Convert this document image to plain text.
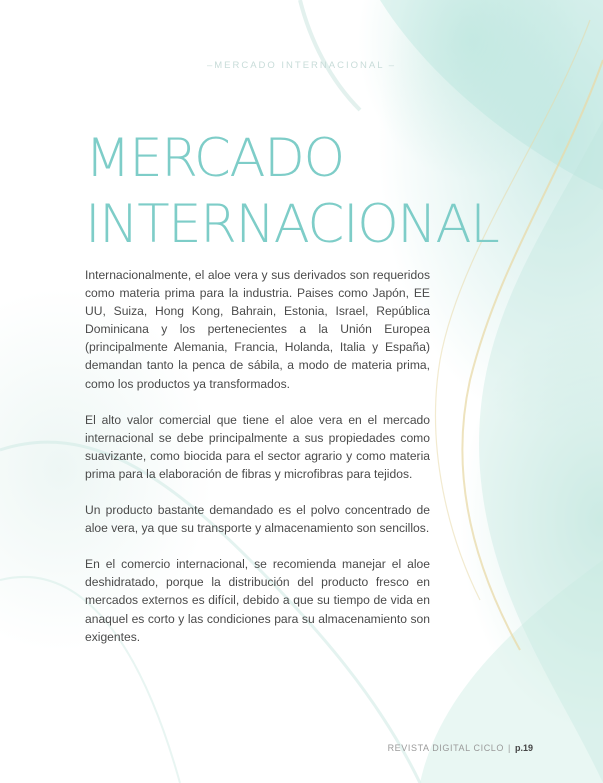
–MERCADO INTERNACIONAL –
MERCADO
INTERNACIONAL

Internacionalmente, el aloe vera y sus derivados son requeridos como materia prima para la industria. Paises como Japón, EE UU, Suiza, Hong Kong, Bahrain, Estonia, Israel, República Dominicana y los pertenecientes a la Unión Europea (principalmente Alemania, Francia, Holanda, Italia y España) demandan tanto la penca de sábila, a modo de materia prima, como los productos ya transformados.

El alto valor comercial que tiene el aloe vera en el mercado internacional se debe principalmente a sus propiedades como suavizante, como biocida para el sector agrario y como materia prima para la elaboración de fibras y microfibras para tejidos.

Un producto bastante demandado es el polvo concentrado de aloe vera, ya que su transporte y almacenamiento son sencillos.

En el comercio internacional, se recomienda manejar el aloe deshidratado, porque la distribución del producto fresco en mercados externos es difícil, debido a que su tiempo de vida en anaquel es corto y las condiciones para su almacenamiento son exigentes.

REVISTA DIGITAL CICLO | p.19
